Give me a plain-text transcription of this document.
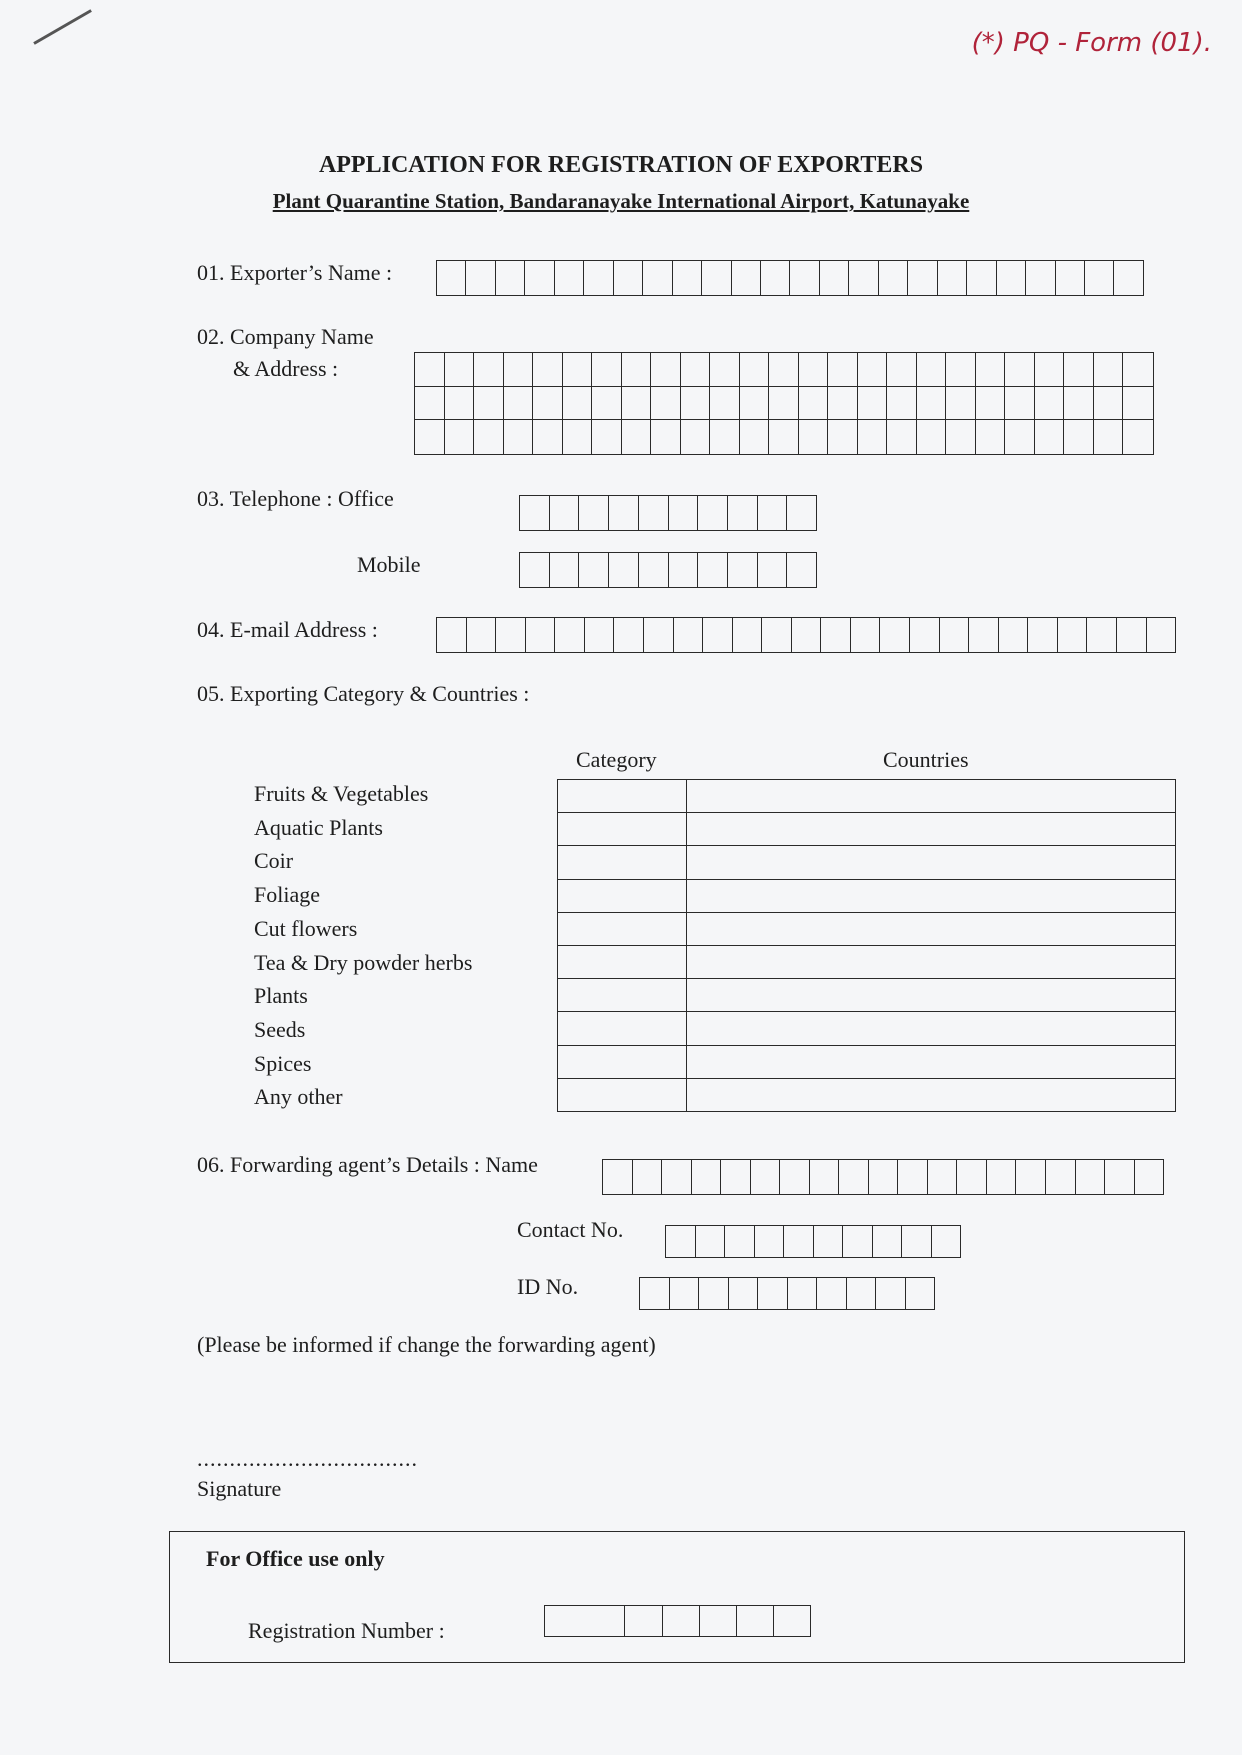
(*) PQ - Form (01).
APPLICATION FOR REGISTRATION OF EXPORTERS
Plant Quarantine Station, Bandaranayake International Airport, Katunayake
01. Exporter’s Name :
02. Company Name
& Address :
03. Telephone : Office
Mobile
04. E-mail Address :
05. Exporting Category & Countries :
Category	Countries
Fruits & Vegetables
Aquatic Plants
Coir
Foliage
Cut flowers
Tea & Dry powder herbs
Plants
Seeds
Spices
Any other

06. Forwarding agent’s Details : Name
Contact No.
ID No.
(Please be informed if change the forwarding agent)
..................................
Signature
For Office use only
Registration Number :
